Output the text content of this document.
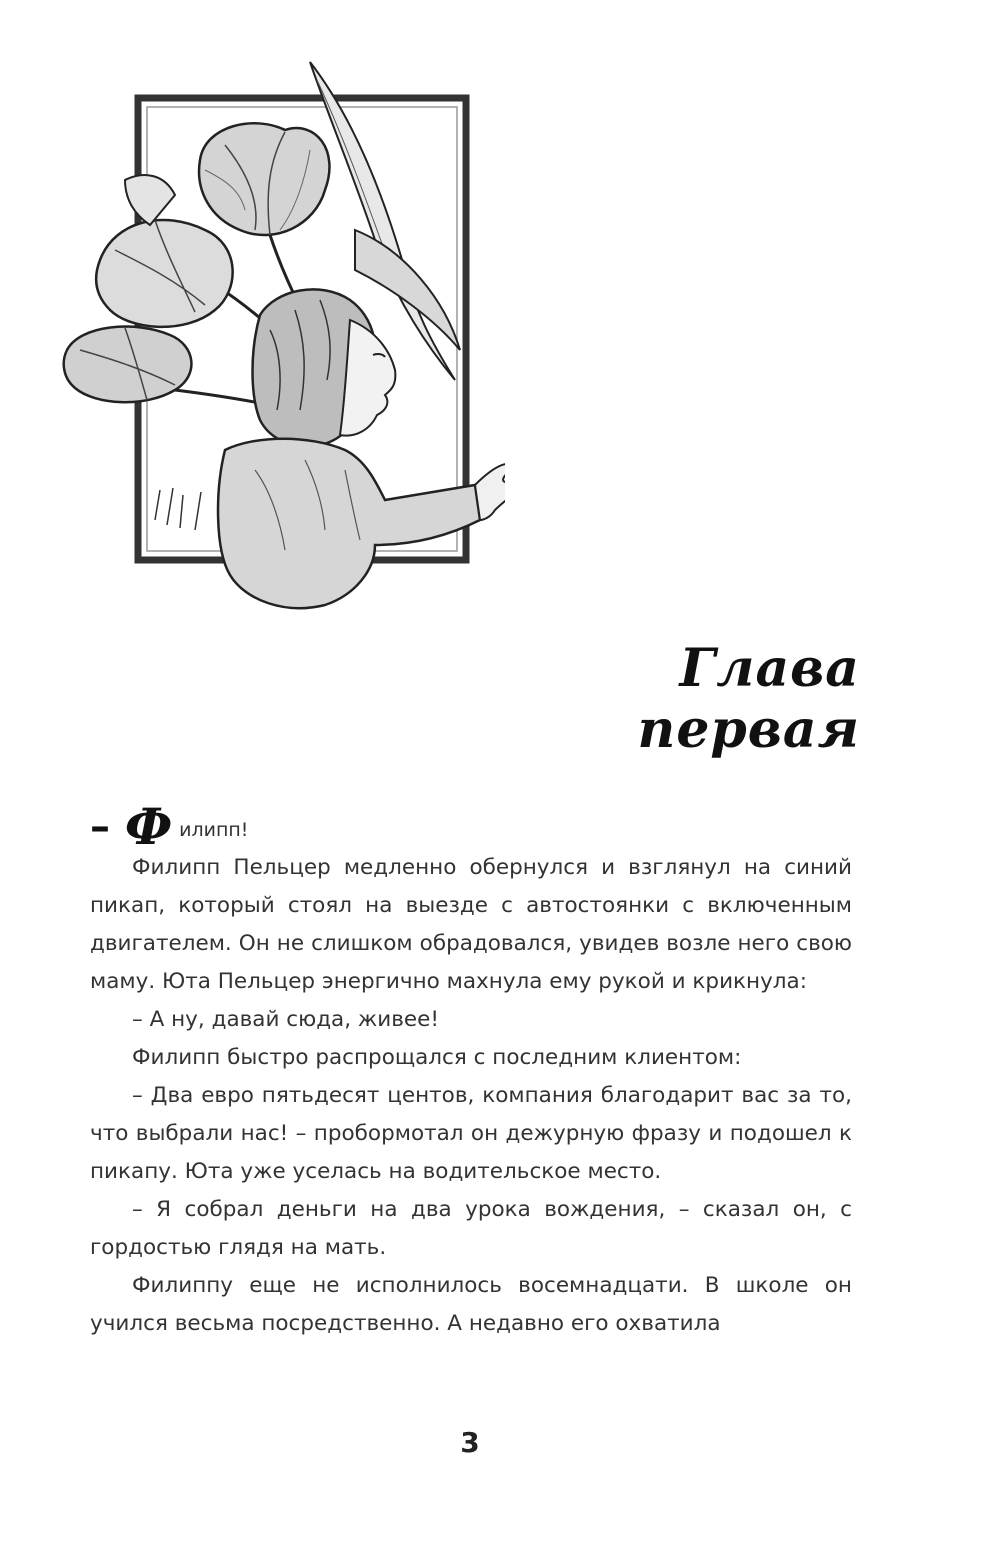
Глава первая

– Ф илипп!

Филипп Пельцер медленно обернулся и взглянул на синий пикап, который стоял на выезде с автостоянки с включенным двигателем. Он не слишком обрадовался, увидев возле него свою маму. Юта Пельцер энергично махнула ему рукой и крикнула:

– А ну, давай сюда, живее!

Филипп быстро распрощался с последним клиентом:

– Два евро пятьдесят центов, компания благодарит вас за то, что выбрали нас! – пробормотал он дежурную фразу и подошел к пикапу. Юта уже уселась на водительское место.

– Я собрал деньги на два урока вождения, – сказал он, с гордостью глядя на мать.

Филиппу еще не исполнилось восемнадцати. В школе он учился весьма посредственно. А недавно его охватила

3
